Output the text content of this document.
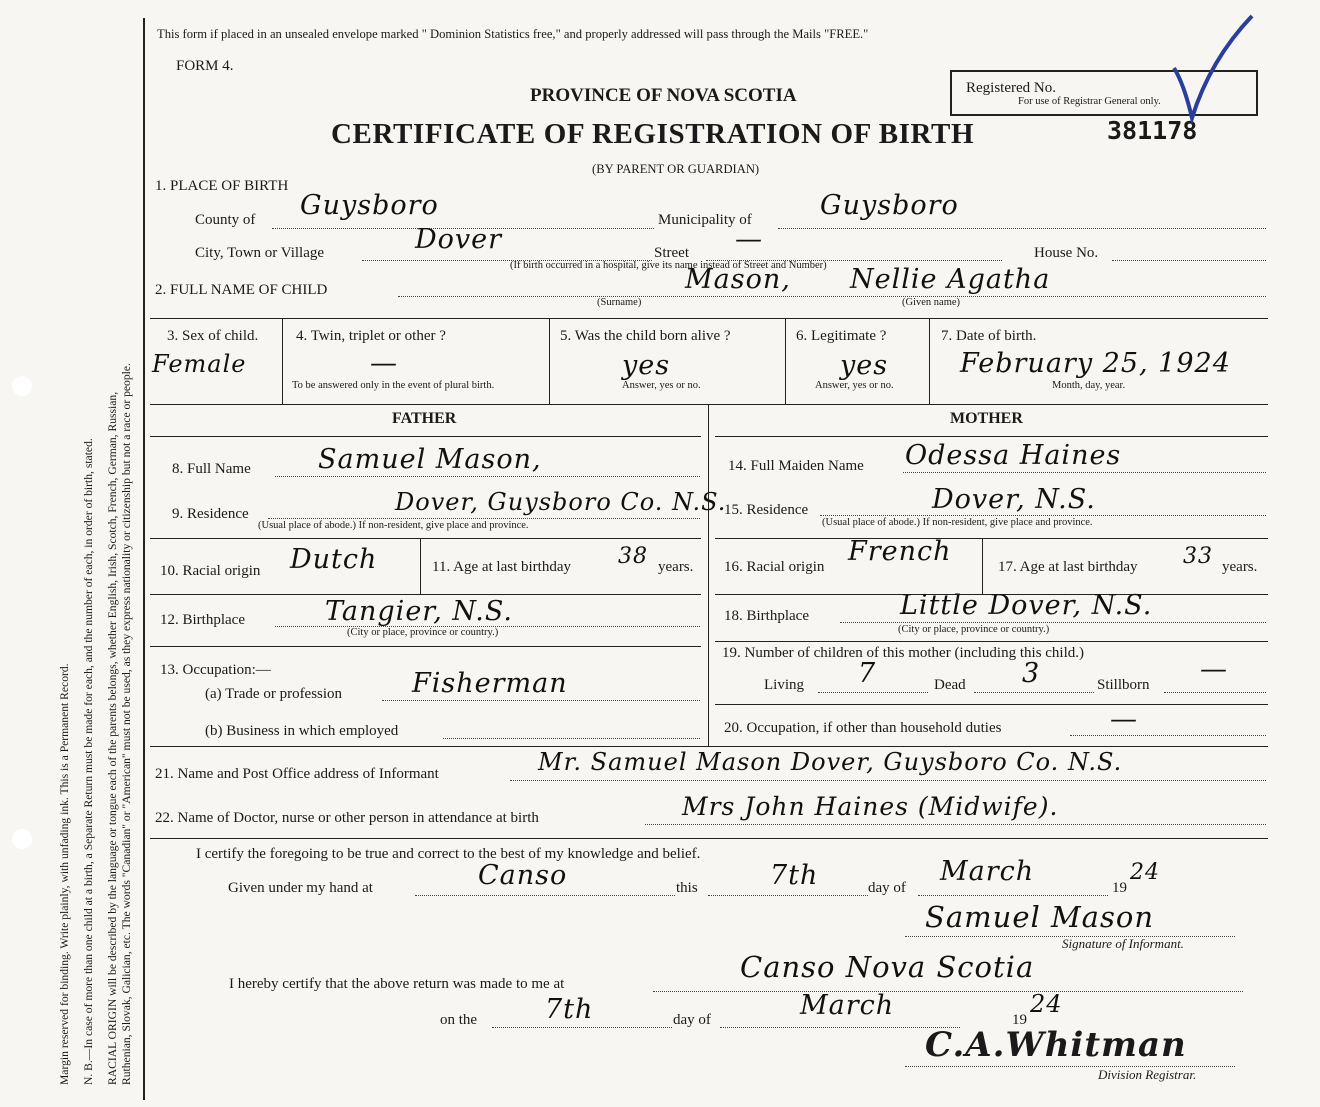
Margin reserved for binding. Write plainly, with unfading ink. This is a Permanent Record. N. B.—In case of more than one child at a birth, a Separate Return must be made for each, and the number of each, in order of birth, stated. RACIAL ORIGIN will be described by the language or tongue each of the parents belongs, whether English, Irish, Scotch, French, German, Russian, Ruthenian, Slovak, Galician, etc. The words "Canadian" or "American" must not be used, as they express nationality or citizenship but not a race or people.
This form if placed in an unsealed envelope marked " Dominion Statistics free," and properly addressed will pass through the Mails "FREE."
FORM 4.
PROVINCE OF NOVA SCOTIA
CERTIFICATE OF REGISTRATION OF BIRTH
(BY PARENT OR GUARDIAN)
Registered No.
For use of Registrar General only.
381178
1. PLACE OF BIRTH
County of Guysboro	Municipality of	Guysboro
City, Town or Village	Dover	Street —	House No.
(If birth occurred in a hospital, give its name instead of Street and Number)
2. FULL NAME OF CHILD	Mason, Nellie Agatha
(Surname)	(Given name)
3. Sex of child.
Female
4. Twin, triplet or other ?
—
To be answered only in the event of plural birth.
5. Was the child born alive ?
yes
Answer, yes or no.
6. Legitimate ?
yes
Answer, yes or no.
7. Date of birth.
February 25, 1924
Month, day, year.
FATHER	MOTHER
8. Full Name Samuel Mason,
9. Residence	Dover, Guysboro Co. N.S.
(Usual place of abode.) If non-resident, give place and province.
10. Racial origin Dutch	11. Age at last birthday 38 years.
12. Birthplace	Tangier, N.S.
(City or place, province or country.)
13. Occupation:—
(a) Trade or profession	Fisherman
(b) Business in which employed
14. Full Maiden Name Odessa Haines
15. Residence	Dover, N.S.
(Usual place of abode.) If non-resident, give place and province.
16. Racial origin French	17. Age at last birthday 33 years.
18. Birthplace	Little Dover, N.S.
(City or place, province or country.)
19. Number of children of this mother (including this child.)
Living 7	Dead 3	Stillborn —
20. Occupation, if other than household duties	—
21. Name and Post Office address of Informant	Mr. Samuel Mason Dover, Guysboro Co. N.S.
22. Name of Doctor, nurse or other person in attendance at birth	Mrs John Haines (Midwife).
I certify the foregoing to be true and correct to the best of my knowledge and belief.
Given under my hand at	Canso	this	7th	day of
March
19
24
Samuel Mason
Signature of Informant.
I hereby certify that the above return was made to me at	Canso Nova Scotia
on the	7th	day of	March	19
24
C.A.Whitman
Division Registrar.
